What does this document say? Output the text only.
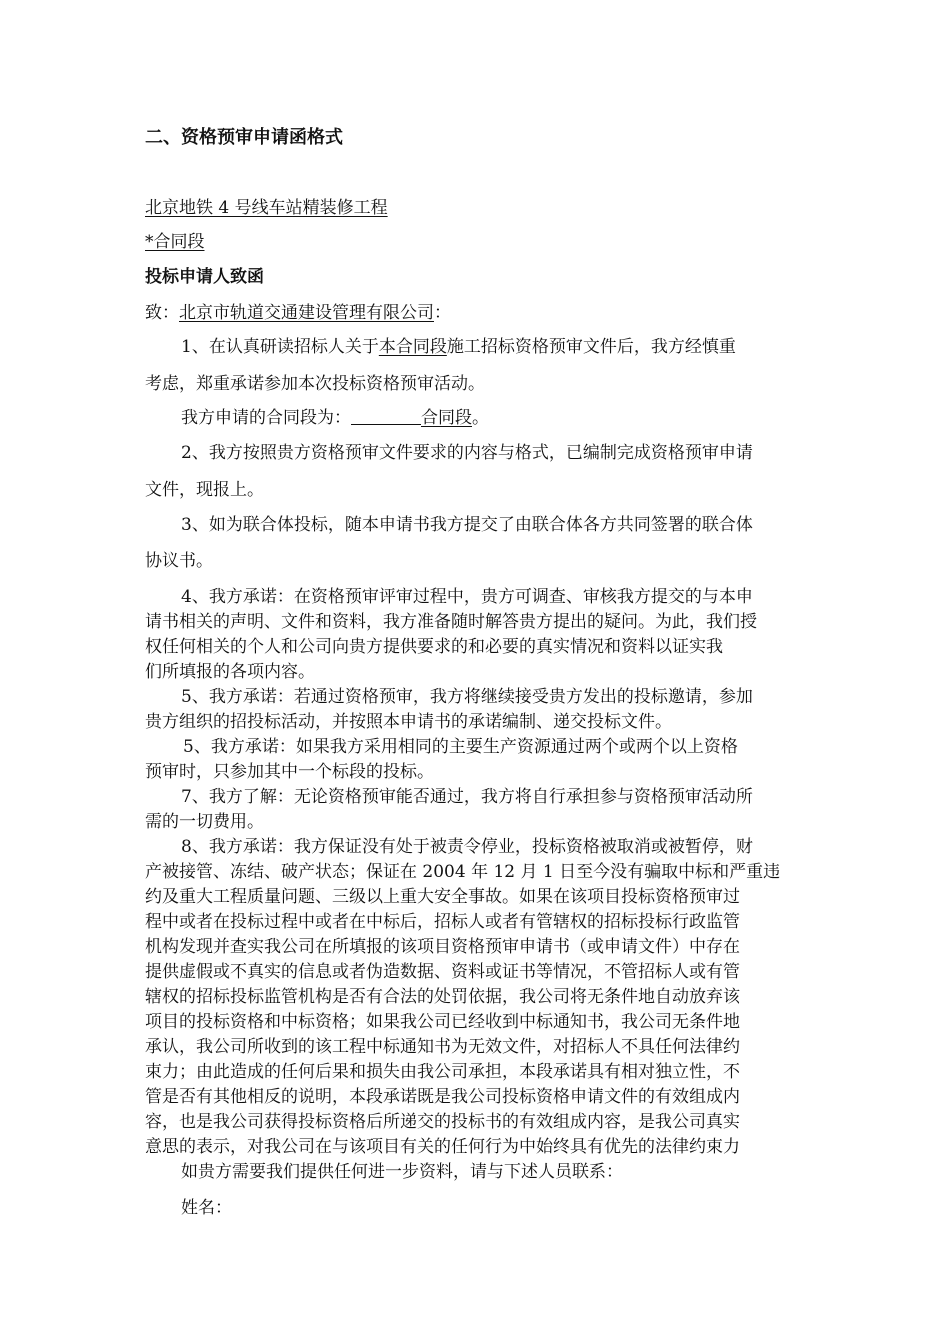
二、资格预审申请函格式
北京地铁 4 号线车站精装修工程
*合同段
投标申请人致函
致：北京市轨道交通建设管理有限公司：
1、在认真研读招标人关于本合同段施工招标资格预审文件后，我方经慎重
考虑，郑重承诺参加本次投标资格预审活动。
我方申请的合同段为：	合同段。
2、我方按照贵方资格预审文件要求的内容与格式，已编制完成资格预审申请
文件，现报上。
3、如为联合体投标，随本申请书我方提交了由联合体各方共同签署的联合体
协议书。
4、我方承诺：在资格预审评审过程中，贵方可调查、审核我方提交的与本申
请书相关的声明、文件和资料，我方准备随时解答贵方提出的疑问。为此，我们授
权任何相关的个人和公司向贵方提供要求的和必要的真实情况和资料以证实我
们所填报的各项内容。
5、我方承诺：若通过资格预审，我方将继续接受贵方发出的投标邀请，参加
贵方组织的招投标活动，并按照本申请书的承诺编制、递交投标文件。
5、我方承诺：如果我方采用相同的主要生产资源通过两个或两个以上资格
预审时，只参加其中一个标段的投标。
7、我方了解：无论资格预审能否通过，我方将自行承担参与资格预审活动所
需的一切费用。
8、我方承诺：我方保证没有处于被责令停业，投标资格被取消或被暂停，财
产被接管、冻结、破产状态；保证在 2004 年 12 月 1 日至今没有骗取中标和严重违
约及重大工程质量问题、三级以上重大安全事故。如果在该项目投标资格预审过
程中或者在投标过程中或者在中标后，招标人或者有管辖权的招标投标行政监管
机构发现并查实我公司在所填报的该项目资格预审申请书（或申请文件）中存在
提供虚假或不真实的信息或者伪造数据、资料或证书等情况，不管招标人或有管
辖权的招标投标监管机构是否有合法的处罚依据，我公司将无条件地自动放弃该
项目的投标资格和中标资格；如果我公司已经收到中标通知书，我公司无条件地
承认，我公司所收到的该工程中标通知书为无效文件，对招标人不具任何法律约
束力；由此造成的任何后果和损失由我公司承担，本段承诺具有相对独立性，不
管是否有其他相反的说明，本段承诺既是我公司投标资格申请文件的有效组成内
容，也是我公司获得投标资格后所递交的投标书的有效组成内容，是我公司真实
意思的表示，对我公司在与该项目有关的任何行为中始终具有优先的法律约束力
如贵方需要我们提供任何进一步资料，请与下述人员联系：
姓名：
